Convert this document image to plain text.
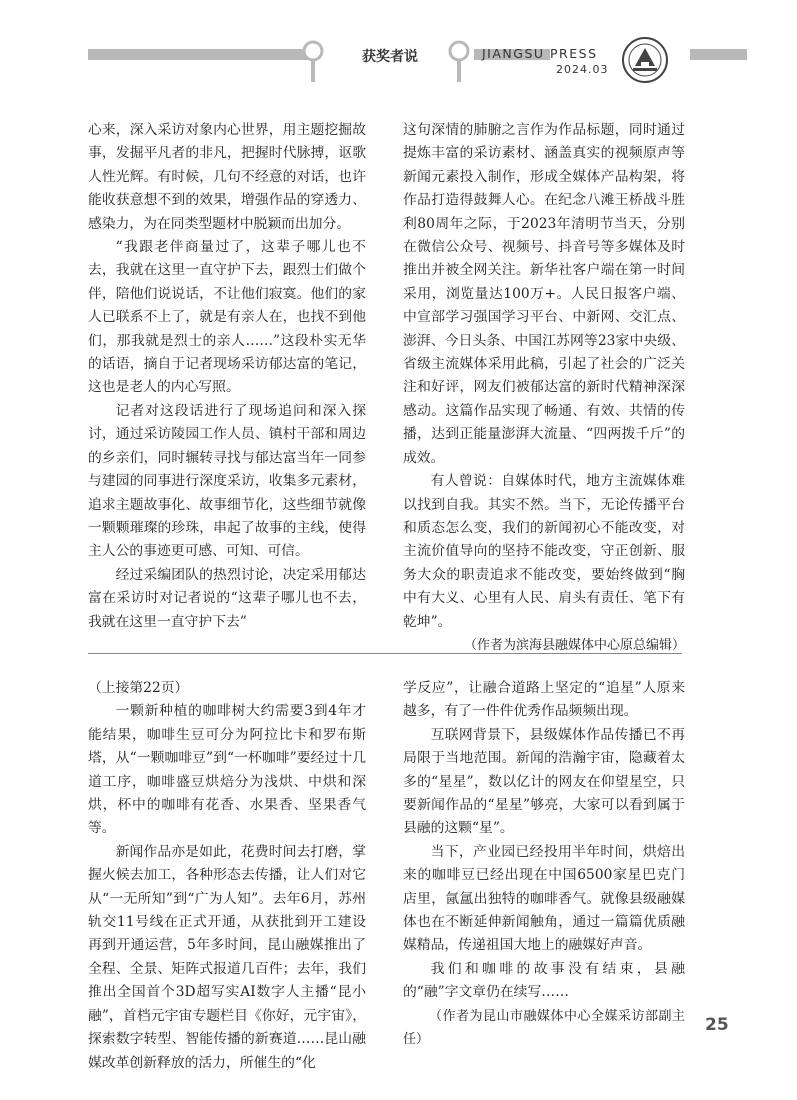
获奖者说	JIANGSU PRESS
2024.03

心来，深入采访对象内心世界，用主题挖掘故事，发掘平凡者的非凡，把握时代脉搏，讴歌人性光辉。有时候，几句不经意的对话，也许能收获意想不到的效果，增强作品的穿透力、感染力，为在同类型题材中脱颖而出加分。

“我跟老伴商量过了，这辈子哪儿也不去，我就在这里一直守护下去，跟烈士们做个伴，陪他们说说话，不让他们寂寞。他们的家人已联系不上了，就是有亲人在，也找不到他们，那我就是烈士的亲人……”这段朴实无华的话语，摘自于记者现场采访郁达富的笔记，这也是老人的内心写照。

记者对这段话进行了现场追问和深入探讨，通过采访陵园工作人员、镇村干部和周边的乡亲们，同时辗转寻找与郁达富当年一同参与建园的同事进行深度采访，收集多元素材，追求主题故事化、故事细节化，这些细节就像一颗颗璀璨的珍珠，串起了故事的主线，使得主人公的事迹更可感、可知、可信。

经过采编团队的热烈讨论，决定采用郁达富在采访时对记者说的“这辈子哪儿也不去，我就在这里一直守护下去”

这句深情的肺腑之言作为作品标题，同时通过提炼丰富的采访素材、涵盖真实的视频原声等新闻元素投入制作，形成全媒体产品构架，将作品打造得鼓舞人心。在纪念八滩王桥战斗胜利80周年之际，于2023年清明节当天，分别在微信公众号、视频号、抖音号等多媒体及时推出并被全网关注。新华社客户端在第一时间采用，浏览量达100万+。人民日报客户端、中宣部学习强国学习平台、中新网、交汇点、澎湃、今日头条、中国江苏网等23家中央级、省级主流媒体采用此稿，引起了社会的广泛关注和好评，网友们被郁达富的新时代精神深深感动。这篇作品实现了畅通、有效、共情的传播，达到正能量澎湃大流量、“四两拨千斤”的成效。

有人曾说：自媒体时代，地方主流媒体难以找到自我。其实不然。当下，无论传播平台和质态怎么变，我们的新闻初心不能改变，对主流价值导向的坚持不能改变，守正创新、服务大众的职责追求不能改变，要始终做到“胸中有大义、心里有人民、肩头有责任、笔下有乾坤”。

（作者为滨海县融媒体中心原总编辑）

（上接第22页）

一颗新种植的咖啡树大约需要3到4年才能结果，咖啡生豆可分为阿拉比卡和罗布斯塔，从“一颗咖啡豆”到“一杯咖啡”要经过十几道工序，咖啡盛豆烘焙分为浅烘、中烘和深烘，杯中的咖啡有花香、水果香、坚果香气等。

新闻作品亦是如此，花费时间去打磨，掌握火候去加工，各种形态去传播，让人们对它从“一无所知”到“广为人知”。去年6月，苏州轨交11号线在正式开通，从获批到开工建设再到开通运营，5年多时间，昆山融媒推出了全程、全景、矩阵式报道几百件；去年，我们推出全国首个3D超写实AI数字人主播“昆小融”，首档元宇宙专题栏目《你好，元宇宙》，探索数字转型、智能传播的新赛道……昆山融媒改革创新释放的活力，所催生的“化

学反应”，让融合道路上坚定的“追星”人原来越多，有了一件件优秀作品频频出现。

互联网背景下，县级媒体作品传播已不再局限于当地范围。新闻的浩瀚宇宙，隐藏着太多的“星星”，数以亿计的网友在仰望星空，只要新闻作品的“星星”够亮，大家可以看到属于县融的这颗“星”。

当下，产业园已经投用半年时间，烘焙出来的咖啡豆已经出现在中国6500家星巴克门店里，氤氲出独特的咖啡香气。就像县级融媒体也在不断延伸新闻触角，通过一篇篇优质融媒精品，传递祖国大地上的融媒好声音。

我们和咖啡的故事没有结束，县融的“融”字文章仍在续写……

（作者为昆山市融媒体中心全媒采访部副主任）

25
